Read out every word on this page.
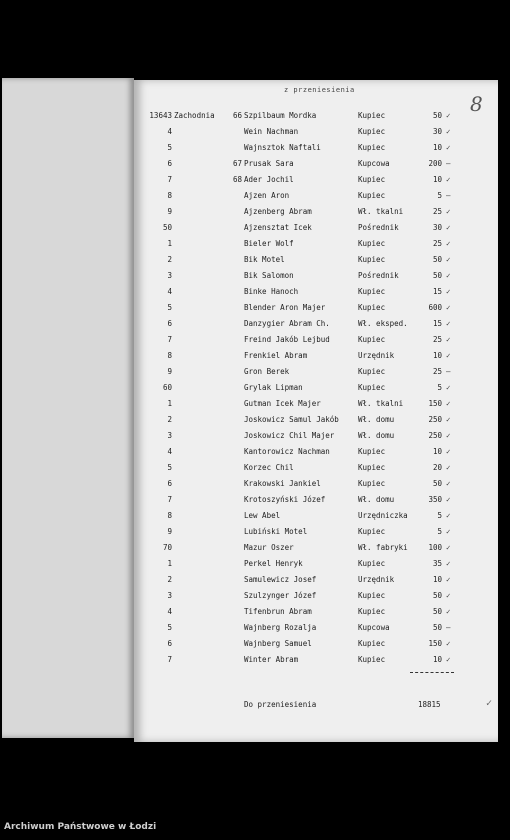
z przeniesienia
8
13643 Zachodnia	66 Szpilbaum Mordka	Kupiec	50 ✓
4	Wein Nachman	Kupiec	30 ✓
5	Wajnsztok Naftali	Kupiec	10 ✓
6	67 Prusak Sara	Kupcowa	200 –
7	68 Ader Jochil	Kupiec	10 ✓
8	Ajzen Aron	Kupiec	5 –
9	Ajzenberg Abram	Wł. tkalni	25 ✓
50	Ajzensztat Icek	Pośrednik	30 ✓
1	Bieler Wolf	Kupiec	25 ✓
2	Bik Motel	Kupiec	50 ✓
3	Bik Salomon	Pośrednik	50 ✓
4	Binke Hanoch	Kupiec	15 ✓
5	Blender Aron Majer	Kupiec	600 ✓
6	Danzygier Abram Ch.	Wł. eksped.	15 ✓
7	Freind Jakób Lejbud	Kupiec	25 ✓
8	Frenkiel Abram	Urzędnik	10 ✓
9	Gron Berek	Kupiec	25 –
60	Grylak Lipman	Kupiec	5 ✓
1	Gutman Icek Majer	Wł. tkalni	150 ✓
2	Joskowicz Samul Jakób	Wł. domu	250 ✓
3	Joskowicz Chil Majer	Wł. domu	250 ✓
4	Kantorowicz Nachman	Kupiec	10 ✓
5	Korzec Chil	Kupiec	20 ✓
6	Krakowski Jankiel	Kupiec	50 ✓
7	Krotoszyński Józef	Wł. domu	350 ✓
8	Lew Abel	Urzędniczka	5 ✓
9	Lubiński Motel	Kupiec	5 ✓
70	Mazur Oszer	Wł. fabryki	100 ✓
1	Perkel Henryk	Kupiec	35 ✓
2	Samulewicz Josef	Urzędnik	10 ✓
3	Szulzynger Józef	Kupiec	50 ✓
4	Tifenbrun Abram	Kupiec	50 ✓
5	Wajnberg Rozalja	Kupcowa	50 –
6	Wajnberg Samuel	Kupiec	150 ✓
7	Winter Abram	Kupiec	10 ✓
Do przeniesienia	18815	✓
Archiwum Państwowe w Łodzi
